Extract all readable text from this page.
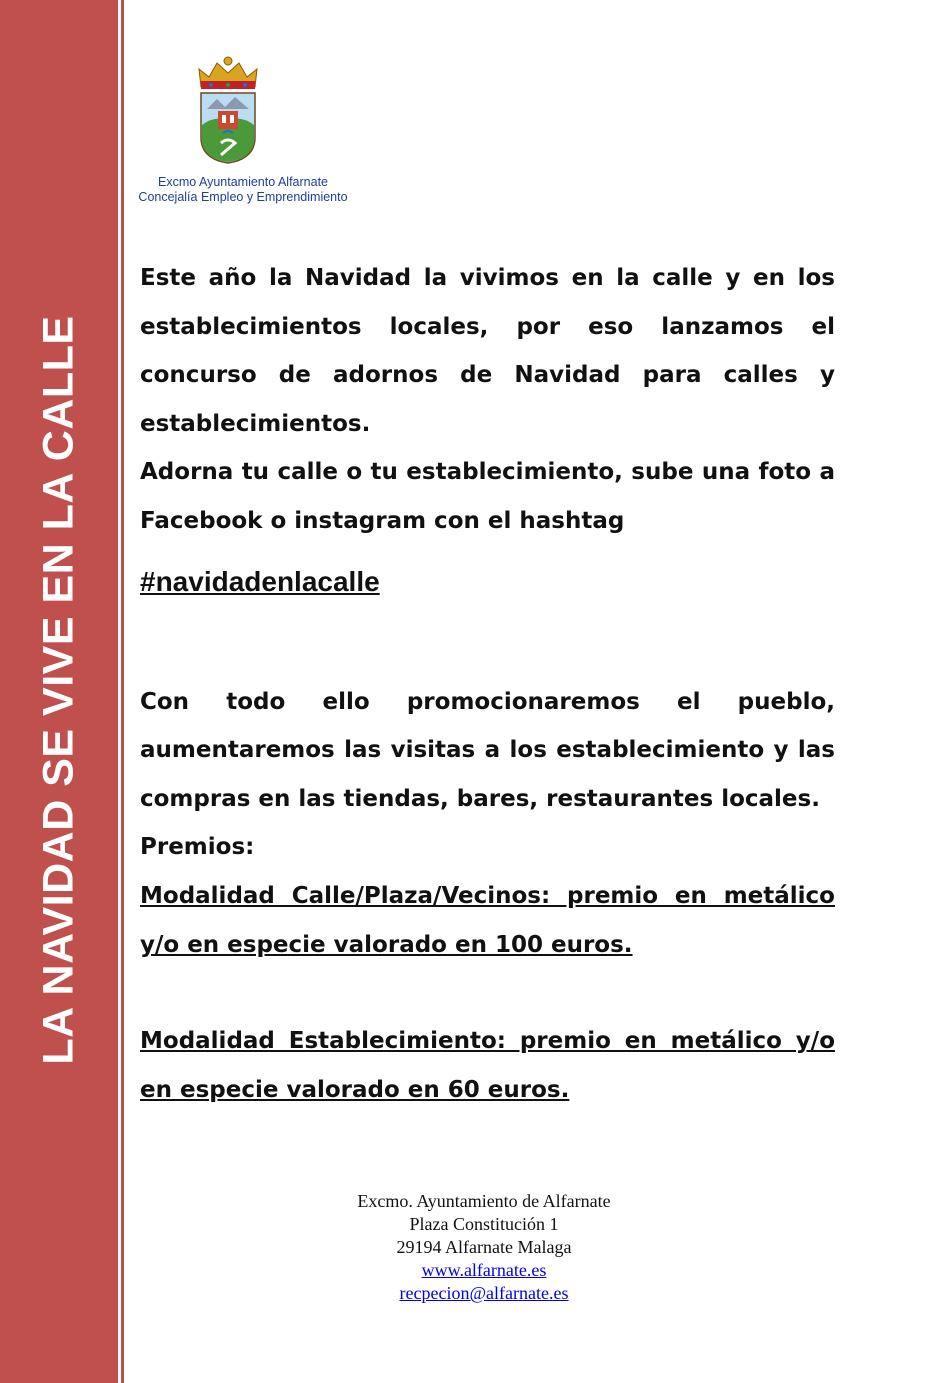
LA NAVIDAD SE VIVE EN LA CALLE
Excmo Ayuntamiento Alfarnate
Concejalía Empleo y Emprendimiento

Este año la Navidad la vivimos en la calle y en los establecimientos locales, por eso lanzamos el concurso de adornos de Navidad para calles y establecimientos.

Adorna tu calle o tu establecimiento, sube una foto a Facebook o instagram con el hashtag

#navidadenlacalle

Con todo ello promocionaremos el pueblo, aumentaremos las visitas a los establecimiento y las compras en las tiendas, bares, restaurantes locales.

Premios:

Modalidad Calle/Plaza/Vecinos: premio en metálico y/o en especie valorado en 100 euros.

Modalidad Establecimiento: premio en metálico y/o en especie valorado en 60 euros.

Excmo. Ayuntamiento de Alfarnate
Plaza Constitución 1
29194 Alfarnate Malaga
www.alfarnate.es
recpecion@alfarnate.es
